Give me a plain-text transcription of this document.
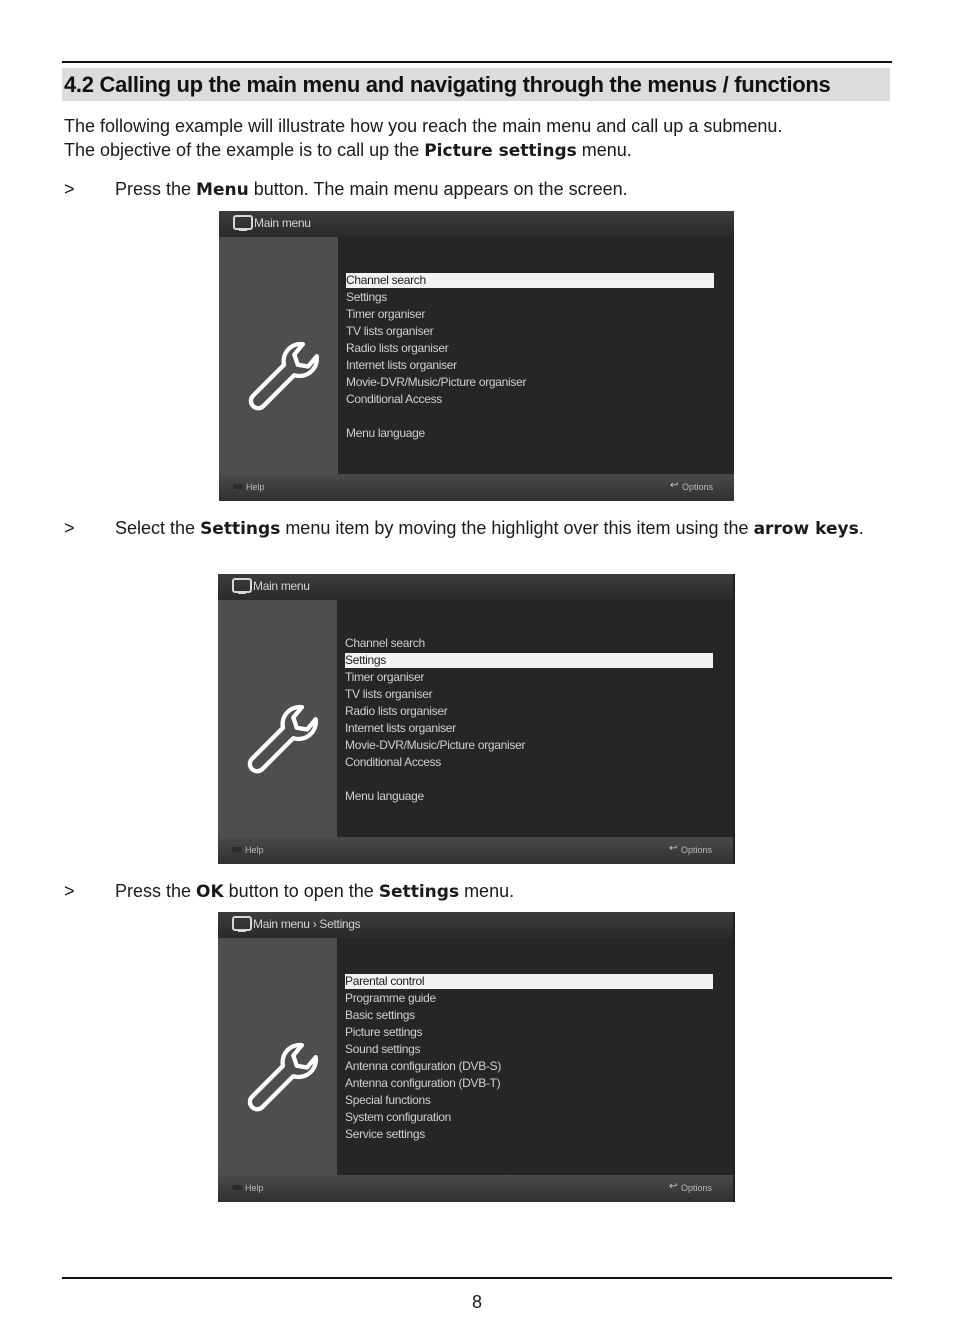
4.2 Calling up the main menu and navigating through the menus / functions
The following example will illustrate how you reach the main menu and call up a submenu.
The objective of the example is to call up the Picture settings menu.
> Press the Menu button. The main menu appears on the screen.
Main menu
Channel search
Settings
Timer organiser
TV lists organiser
Radio lists organiser
Internet lists organiser
Movie-DVR/Music/Picture organiser
Conditional Access
Menu language
Help	↩ Options
> Select the Settings menu item by moving the highlight over this item using the arrow keys.
Main menu
Channel search
Settings
Timer organiser
TV lists organiser
Radio lists organiser
Internet lists organiser
Movie-DVR/Music/Picture organiser
Conditional Access
Menu language
Help	↩ Options
> Press the OK button to open the Settings menu.
Main menu › Settings
Parental control
Programme guide
Basic settings
Picture settings
Sound settings
Antenna configuration (DVB-S)
Antenna configuration (DVB-T)
Special functions
System configuration
Service settings
Help	↩ Options
8
